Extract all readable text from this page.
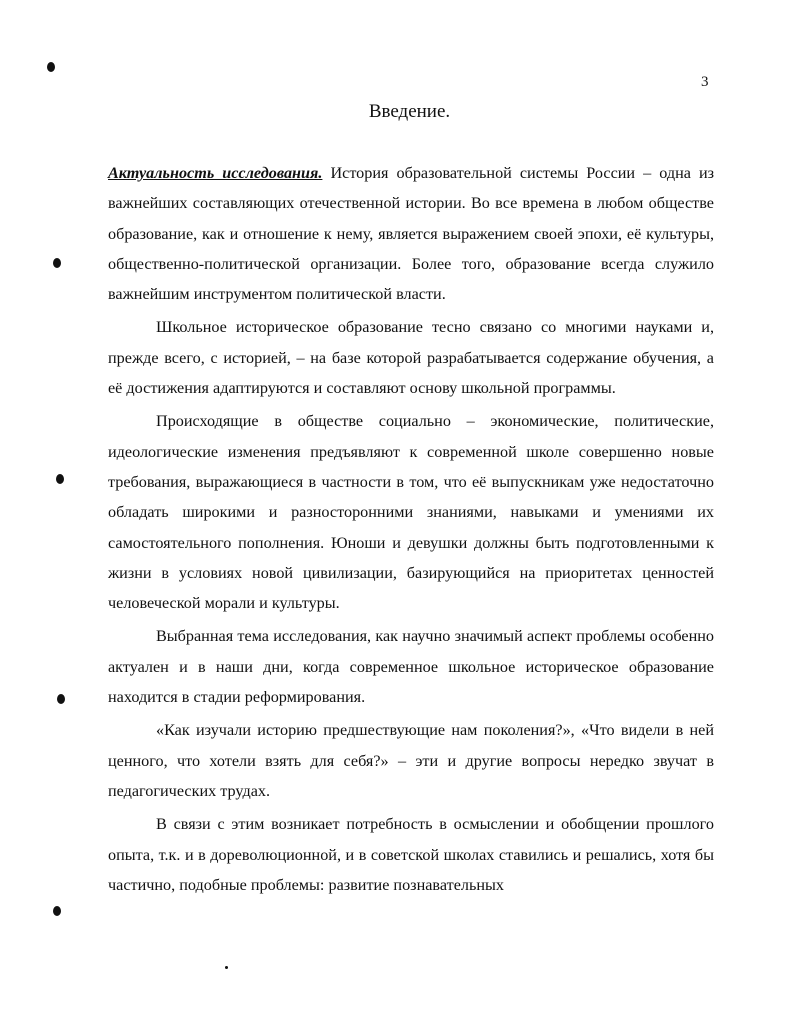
3
Введение.

Актуальность исследования. История образовательной системы России – одна из важнейших составляющих отечественной истории. Во все времена в любом обществе образование, как и отношение к нему, является выражением своей эпохи, её культуры, общественно-политической организации. Более того, образование всегда служило важнейшим инструментом политической власти.

Школьное историческое образование тесно связано со многими науками и, прежде всего, с историей, – на базе которой разрабатывается содержание обучения, а её достижения адаптируются и составляют основу школьной программы.

Происходящие в обществе социально – экономические, политические, идеологические изменения предъявляют к современной школе совершенно новые требования, выражающиеся в частности в том, что её выпускникам уже недостаточно обладать широкими и разносторонними знаниями, навыками и умениями их самостоятельного пополнения. Юноши и девушки должны быть подготовленными к жизни в условиях новой цивилизации, базирующийся на приоритетах ценностей человеческой морали и культуры.

Выбранная тема исследования, как научно значимый аспект проблемы особенно актуален и в наши дни, когда современное школьное историческое образование находится в стадии реформирования.

«Как изучали историю предшествующие нам поколения?», «Что видели в ней ценного, что хотели взять для себя?» – эти и другие вопросы нередко звучат в педагогических трудах.

В связи с этим возникает потребность в осмыслении и обобщении прошлого опыта, т.к. и в дореволюционной, и в советской школах ставились и решались, хотя бы частично, подобные проблемы: развитие познавательных
